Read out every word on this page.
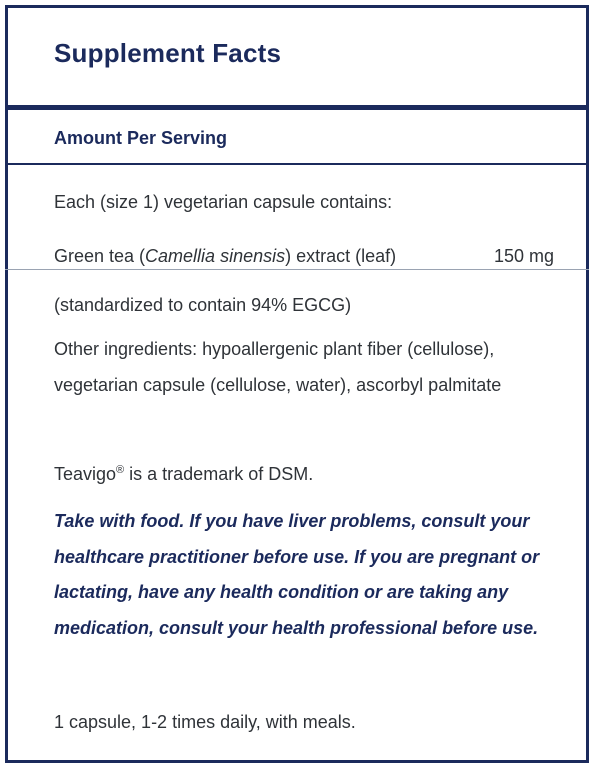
Supplement Facts
Amount Per Serving
Each (size 1) vegetarian capsule contains:
Green tea (Camellia sinensis) extract (leaf)	150 mg
(standardized to contain 94% EGCG)
Other ingredients: hypoallergenic plant fiber (cellulose), vegetarian capsule (cellulose, water), ascorbyl palmitate
Teavigo® is a trademark of DSM.
Take with food. If you have liver problems, consult your healthcare practitioner before use. If you are pregnant or lactating, have any health condition or are taking any medication, consult your health professional before use.
1 capsule, 1-2 times daily, with meals.
